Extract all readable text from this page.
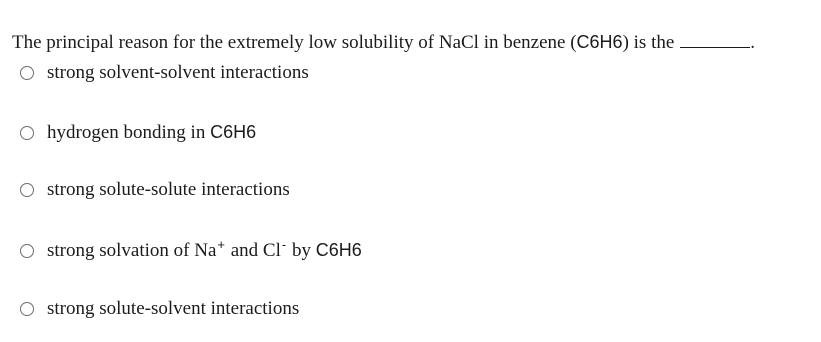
The principal reason for the extremely low solubility of NaCl in benzene (C6H6) is the	.
strong solvent-solvent interactions
hydrogen bonding in C6H6
strong solute-solute interactions
strong solvation of Na+ and Cl- by C6H6
strong solute-solvent interactions
